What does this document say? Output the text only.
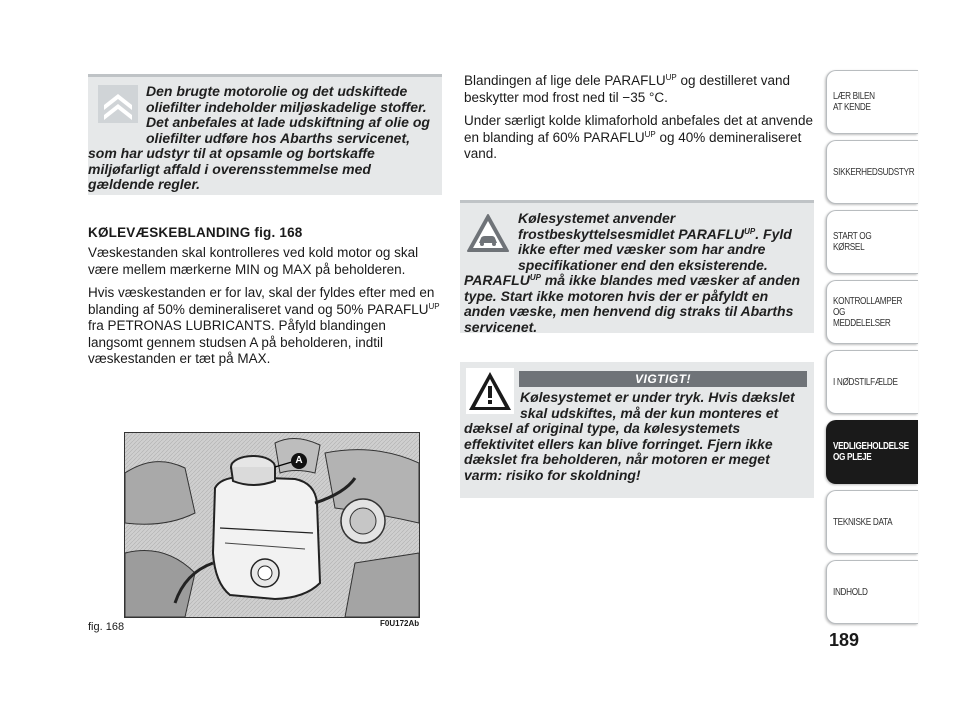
Den brugte motorolie og det udskiftede oliefilter indeholder miljøskadelige stoffer. Det anbefales at lade udskiftning af olie og oliefilter udføre hos Abarths servicenet, som har udstyr til at opsamle og bortskaffe miljøfarligt affald i overensstemmelse med gældende regler.
KØLEVÆSKEBLANDING fig. 168

Væskestanden skal kontrolleres ved kold motor og skal være mellem mærkerne MIN og MAX på beholderen.

Hvis væskestanden er for lav, skal der fyldes efter med en blanding af 50% demineraliseret vand og 50% $PARAFLU^{UP}$ fra PETRONAS LUBRICANTS. Påfyld blandingen langsomt gennem studsen A på beholderen, indtil væskestanden er tæt på MAX.

A
fig. 168	F0U172Ab

Blandingen af lige dele $PARAFLU^{UP}$ og destilleret vand beskytter mod frost ned til −35 °C.

Under særligt kolde klimaforhold anbefales det at anvende en blanding af 60% $PARAFLU^{UP}$ og 40% demineraliseret vand.

Kølesystemet anvender frostbeskyttelsesmidlet $PARAFLU^{UP}$. Fyld ikke efter med væsker som har andre specifikationer end den eksisterende. $PARAFLU^{UP}$ må ikke blandes med væsker af anden type. Start ikke motoren hvis der er påfyldt en anden væske, men henvend dig straks til Abarths servicenet.
VIGTIGT!
Kølesystemet er under tryk. Hvis dækslet skal udskiftes, må der kun monteres et dæksel af original type, da kølesystemets effektivitet ellers kan blive forringet. Fjern ikke dækslet fra beholderen, når motoren er meget varm: risiko for skoldning!
LÆR BILEN
AT KENDE
SIKKERHEDSUDSTYR
START OG KØRSEL
KONTROLLAMPER
OG MEDDELELSER
I NØDSTILFÆLDE
VEDLIGEHOLDELSE
OG PLEJE
TEKNISKE DATA
INDHOLD
189
